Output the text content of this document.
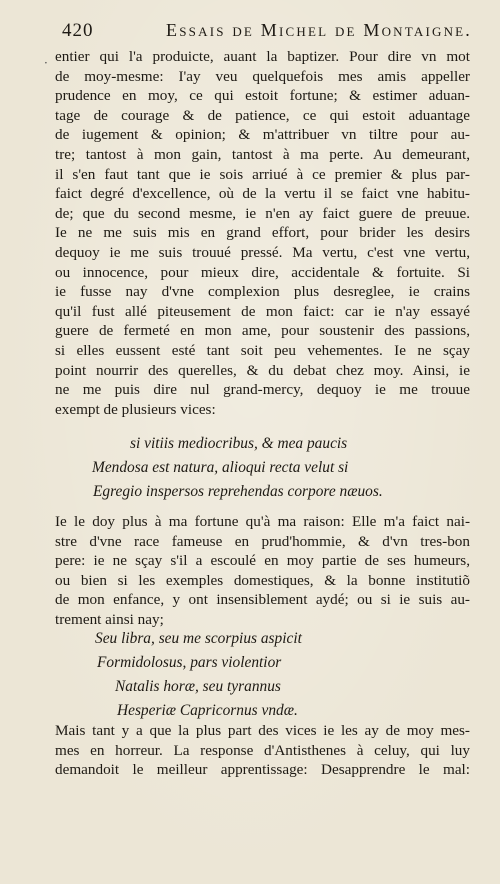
420	Essais de Michel de Montaigne.
· entier qui l'a produicte, auant la baptizer. Pour dire vn mot
de moy-mesme: I'ay veu quelquefois mes amis appeller
prudence en moy, ce qui estoit fortune; & estimer aduan-
tage de courage & de patience, ce qui estoit aduantage
de iugement & opinion; & m'attribuer vn tiltre pour au-
tre; tantost à mon gain, tantost à ma perte. Au demeurant,
il s'en faut tant que ie sois arriué à ce premier & plus par-
faict degré d'excellence, où de la vertu il se faict vne habitu-
de; que du second mesme, ie n'en ay faict guere de preuue.
Ie ne me suis mis en grand effort, pour brider les desirs
dequoy ie me suis trouué pressé. Ma vertu, c'est vne vertu,
ou innocence, pour mieux dire, accidentale & fortuite. Si
ie fusse nay d'vne complexion plus desreglee, ie crains
qu'il fust allé piteusement de mon faict: car ie n'ay essayé
guere de fermeté en mon ame, pour soustenir des passions,
si elles eussent esté tant soit peu vehementes. Ie ne sçay
point nourrir des querelles, & du debat chez moy. Ainsi, ie
ne me puis dire nul grand-mercy, dequoy ie me trouue
exempt de plusieurs vices:
si vitiis mediocribus, & mea paucis
Mendosa est natura, alioqui recta velut si
Egregio inspersos reprehendas corpore næuos.
Ie le doy plus à ma fortune qu'à ma raison: Elle m'a faict nai-
stre d'vne race fameuse en prud'hommie, & d'vn tres-bon
pere: ie ne sçay s'il a escoulé en moy partie de ses humeurs,
ou bien si les exemples domestiques, & la bonne institutiõ
de mon enfance, y ont insensiblement aydé; ou si ie suis au-
trement ainsi nay;
Seu libra, seu me scorpius aspicit
Formidolosus, pars violentior
Natalis horæ, seu tyrannus
Hesperiæ Capricornus vndæ.
Mais tant y a que la plus part des vices ie les ay de moy mes-
mes en horreur. La response d'Antisthenes à celuy, qui luy
demandoit le meilleur apprentissage: Desapprendre le mal:
